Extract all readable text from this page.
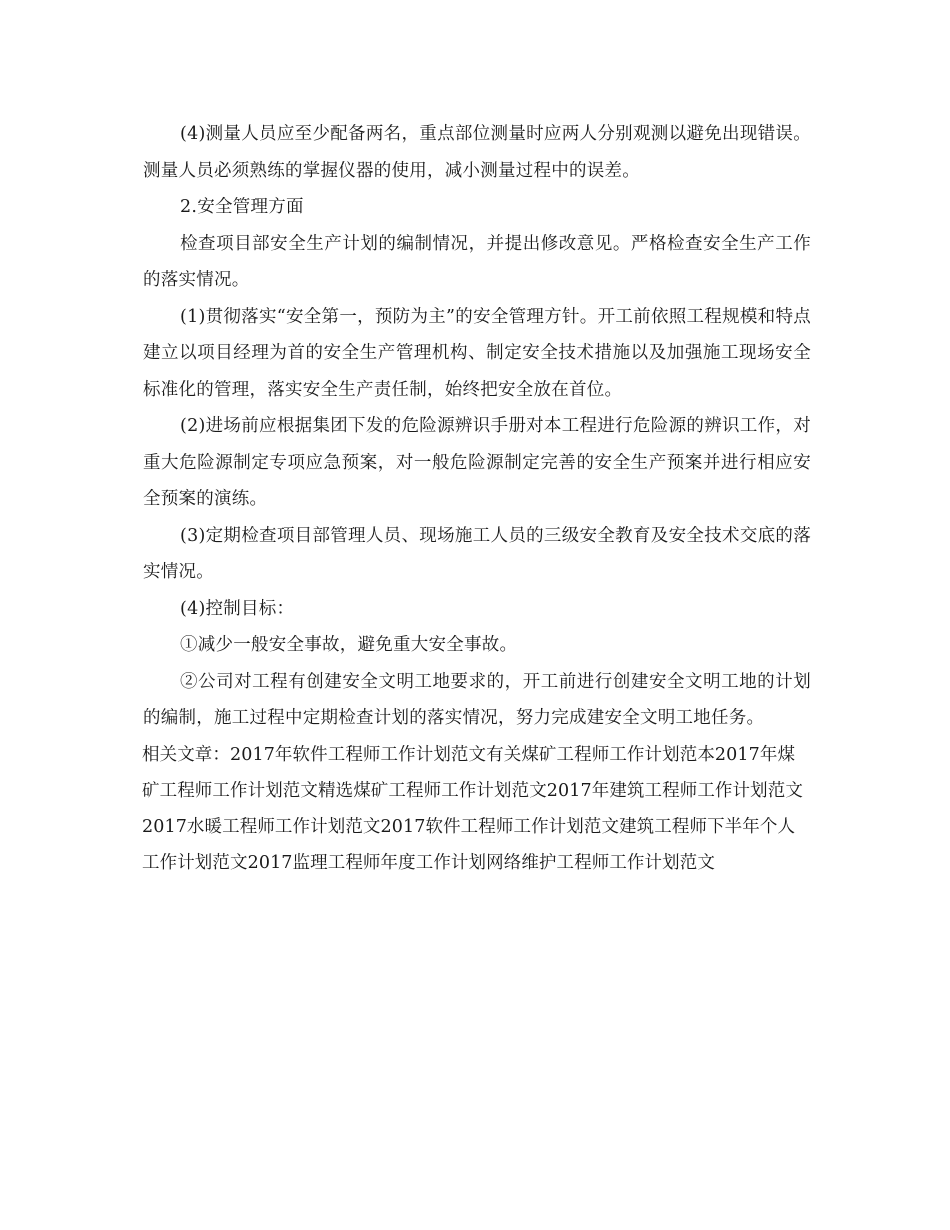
(4)测量人员应至少配备两名，重点部位测量时应两人分别观测以避免出现错误。测量人员必须熟练的掌握仪器的使用，减小测量过程中的误差。

2.安全管理方面

检查项目部安全生产计划的编制情况，并提出修改意见。严格检查安全生产工作的落实情况。

(1)贯彻落实“安全第一，预防为主”的安全管理方针。开工前依照工程规模和特点建立以项目经理为首的安全生产管理机构、制定安全技术措施以及加强施工现场安全标准化的管理，落实安全生产责任制，始终把安全放在首位。

(2)进场前应根据集团下发的危险源辨识手册对本工程进行危险源的辨识工作，对重大危险源制定专项应急预案，对一般危险源制定完善的安全生产预案并进行相应安全预案的演练。

(3)定期检查项目部管理人员、现场施工人员的三级安全教育及安全技术交底的落实情况。

(4)控制目标：

①减少一般安全事故，避免重大安全事故。

②公司对工程有创建安全文明工地要求的，开工前进行创建安全文明工地的计划的编制，施工过程中定期检查计划的落实情况，努力完成建安全文明工地任务。

相关文章：2017年软件工程师工作计划范文有关煤矿工程师工作计划范本2017年煤矿工程师工作计划范文精选煤矿工程师工作计划范文2017年建筑工程师工作计划范文2017水暖工程师工作计划范文2017软件工程师工作计划范文建筑工程师下半年个人工作计划范文2017监理工程师年度工作计划网络维护工程师工作计划范文
